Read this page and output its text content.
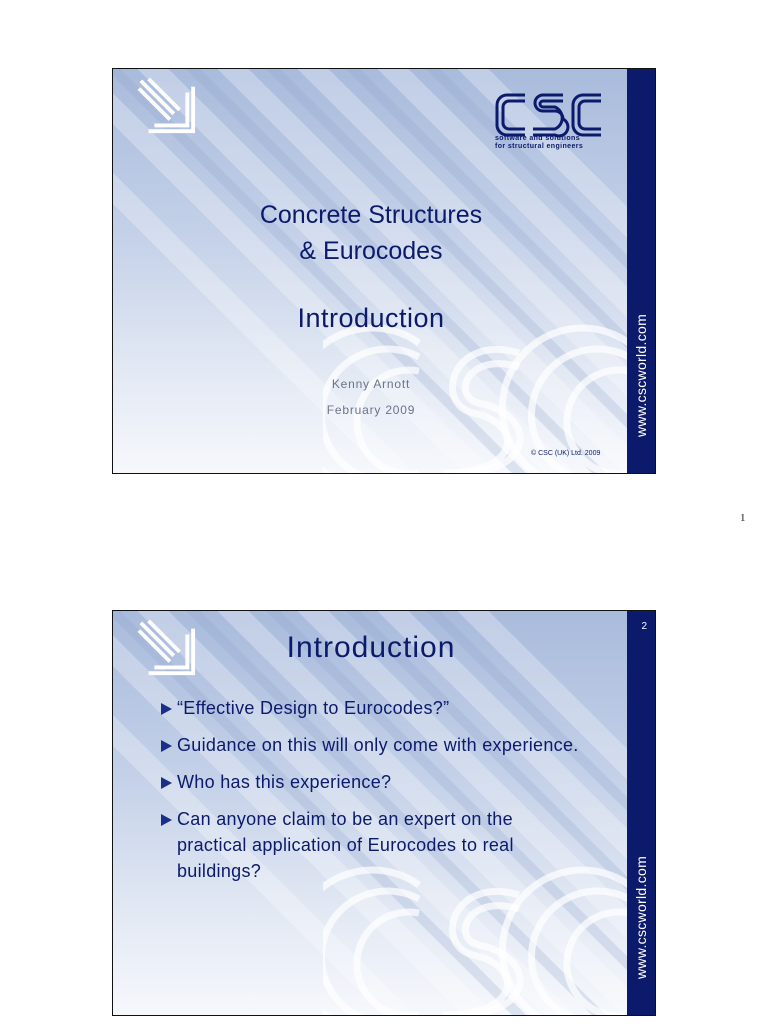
software and solutions
for structural engineers
Concrete Structures
& Eurocodes
Introduction
Kenny Arnott
February 2009
© CSC (UK) Ltd. 2009
www.cscworld.com
1
Introduction
“Effective Design to Eurocodes?”
Guidance on this will only come with experience.
Who has this experience?
Can anyone claim to be an expert on the practical application of Eurocodes to real buildings?
2
www.cscworld.com
